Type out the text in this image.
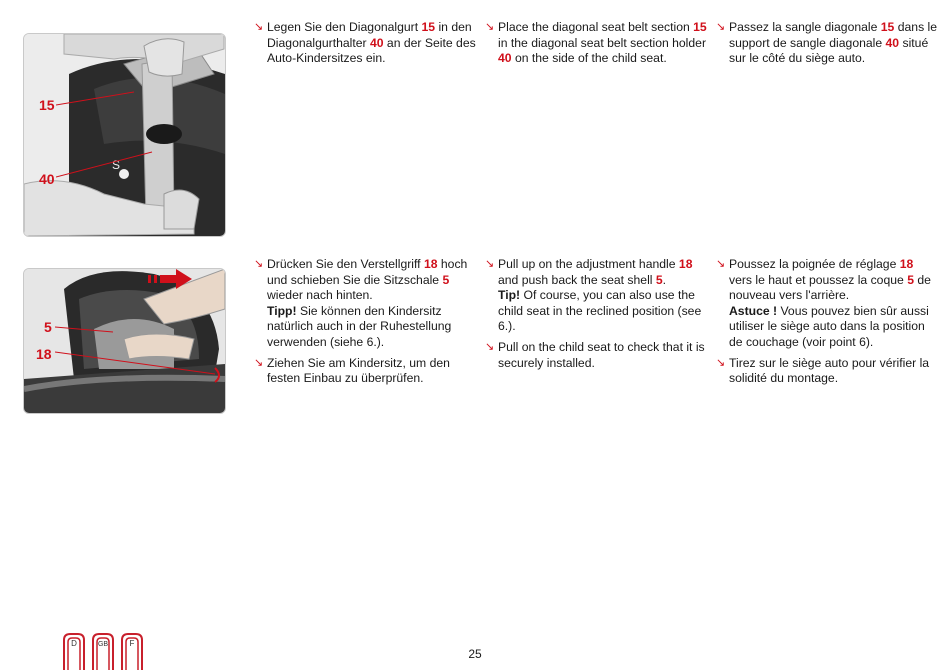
S
15
40
5
18

↘ Legen Sie den Diagonalgurt 15 in den Diagonalgurthalter 40 an der Seite des Auto-Kindersitzes ein.

↘ Place the diagonal seat belt section 15 in the diagonal seat belt section holder 40 on the side of the child seat.

↘ Passez la sangle diagonale 15 dans le support de sangle diagonale 40 situé sur le côté du siège auto.

↘ Drücken Sie den Verstellgriff 18 hoch und schieben Sie die Sitzschale 5 wieder nach hinten.
Tipp! Sie können den Kindersitz natürlich auch in der Ruhestellung verwenden (siehe 6.).

↘ Ziehen Sie am Kindersitz, um den festen Einbau zu überprüfen.

↘ Pull up on the adjustment handle 18 and push back the seat shell 5.
Tip! Of course, you can also use the child seat in the reclined position (see 6.).

↘ Pull on the child seat to check that it is securely installed.

↘ Poussez la poignée de réglage 18 vers le haut et poussez la coque 5 de nouveau vers l'arrière.
Astuce ! Vous pouvez bien sûr aussi utiliser le siège auto dans la position de couchage (voir point 6).

↘ Tirez sur le siège auto pour vérifier la solidité du montage.

D	GB	F
25
